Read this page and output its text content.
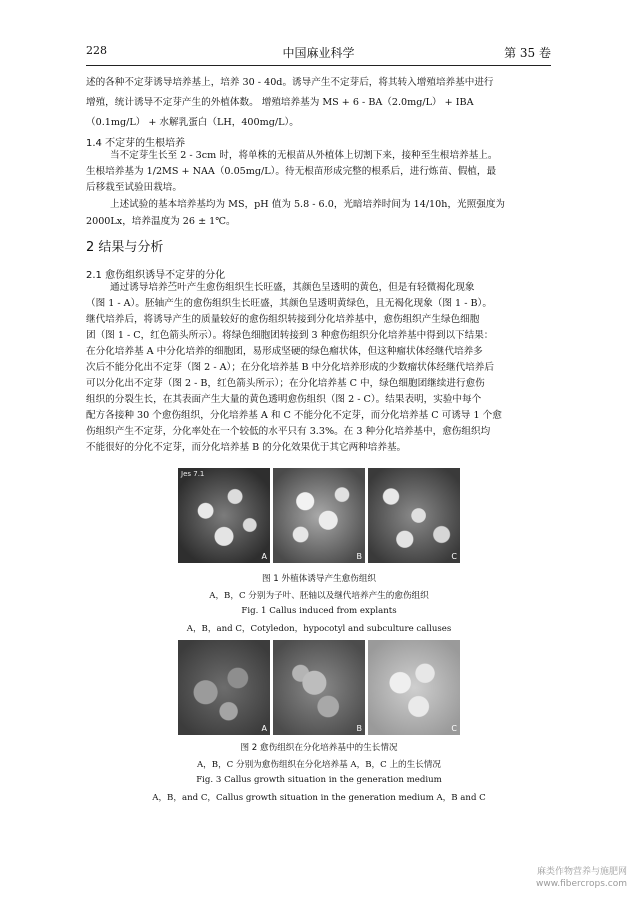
228	中国麻业科学	第 35 卷
述的各种不定芽诱导培养基上，培养 30 - 40d。诱导产生不定芽后，将其转入增殖培养基中进行
增殖，统计诱导不定芽产生的外植体数。 增殖培养基为 MS + 6 - BA（2.0mg/L） + IBA
（0.1mg/L） + 水解乳蛋白（LH，400mg/L）。
1.4 不定芽的生根培养
当不定芽生长至 2 - 3cm 时，将单株的无根苗从外植体上切割下来，接种至生根培养基上。
生根培养基为 1/2MS + NAA（0.05mg/L）。待无根苗形成完整的根系后，进行炼苗、假植，最
后移栽至试验田栽培。
上述试验的基本培养基均为 MS，pH 值为 5.8 - 6.0，光暗培养时间为 14/10h，光照强度为
2000Lx，培养温度为 26 ± 1℃。
2 结果与分析
2.1 愈伤组织诱导不定芽的分化
通过诱导培养苎叶产生愈伤组织生长旺盛，其颜色呈透明的黄色，但是有轻微褐化现象
（图 1 - A）。胚轴产生的愈伤组织生长旺盛，其颜色呈透明黄绿色，且无褐化现象（图 1 - B）。
继代培养后，将诱导产生的质量较好的愈伤组织转接到分化培养基中，愈伤组织产生绿色细胞
团（图 1 - C，红色箭头所示）。将绿色细胞团转接到 3 种愈伤组织分化培养基中得到以下结果：
在分化培养基 A 中分化培养的细胞团，易形成坚硬的绿色瘤状体，但这种瘤状体经继代培养多
次后不能分化出不定芽（图 2 - A）；在分化培养基 B 中分化培养形成的少数瘤状体经继代培养后
可以分化出不定芽（图 2 - B，红色箭头所示）；在分化培养基 C 中，绿色细胞团继续进行愈伤
组织的分裂生长，在其表面产生大量的黄色透明愈伤组织（图 2 - C）。结果表明，实验中每个
配方各接种 30 个愈伤组织，分化培养基 A 和 C 不能分化不定芽，而分化培养基 C 可诱导 1 个愈
伤组织产生不定芽，分化率处在一个较低的水平只有 3.3%。在 3 种分化培养基中，愈伤组织均
不能很好的分化不定芽，而分化培养基 B 的分化效果优于其它两种培养基。
Jes 7.1
A	B	C
图 1 外植体诱导产生愈伤组织
A，B，C 分别为子叶、胚轴以及继代培养产生的愈伤组织
Fig. 1 Callus induced from explants
A，B，and C，Cotyledon，hypocotyl and subculture calluses
A	B	C
图 2 愈伤组织在分化培养基中的生长情况
A，B，C 分别为愈伤组织在分化培养基 A，B，C 上的生长情况
Fig. 3 Callus growth situation in the generation medium
A，B，and C，Callus growth situation in the generation medium A，B and C
麻类作物营养与施肥网
www.fibercrops.com
